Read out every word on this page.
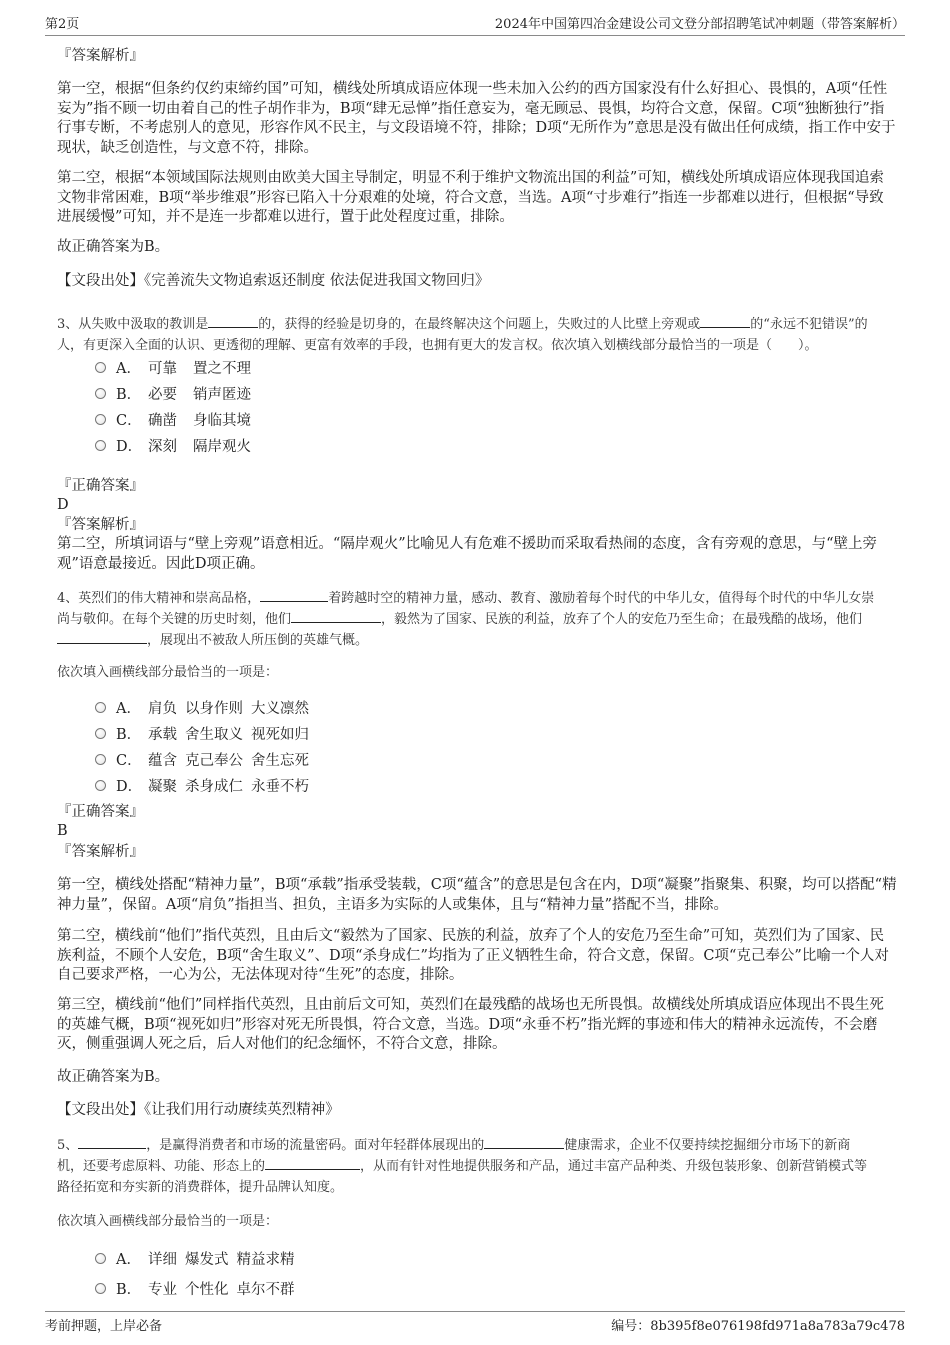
第2页	2024年中国第四冶金建设公司文登分部招聘笔试冲刺题（带答案解析）
『答案解析』
第一空，根据“但条约仅约束缔约国”可知，横线处所填成语应体现一些未加入公约的西方国家没有什么好担心、畏惧的，A项“任性妄为”指不顾一切由着自己的性子胡作非为，B项“肆无忌惮”指任意妄为，毫无顾忌、畏惧，均符合文意，保留。C项“独断独行”指行事专断，不考虑别人的意见，形容作风不民主，与文段语境不符，排除；D项“无所作为”意思是没有做出任何成绩，指工作中安于现状，缺乏创造性，与文意不符，排除。
第二空，根据“本领域国际法规则由欧美大国主导制定，明显不利于维护文物流出国的利益”可知，横线处所填成语应体现我国追索文物非常困难，B项“举步维艰”形容已陷入十分艰难的处境，符合文意，当选。A项“寸步难行”指连一步都难以进行，但根据“导致进展缓慢”可知，并不是连一步都难以进行，置于此处程度过重，排除。
故正确答案为B。
【文段出处】《完善流失文物追索返还制度 依法促进我国文物回归》
3、从失败中汲取的教训是	的，获得的经验是切身的，在最终解决这个问题上，失败过的人比壁上旁观或	的“永远不犯错误”的
人，有更深入全面的认识、更透彻的理解、更富有效率的手段，也拥有更大的发言权。依次填入划横线部分最恰当的一项是（　　）。
A． 可靠 置之不理
B． 必要 销声匿迹
C． 确凿 身临其境
D． 深刻 隔岸观火
『正确答案』
D
『答案解析』
第二空，所填词语与“壁上旁观”语意相近。“隔岸观火”比喻见人有危难不援助而采取看热闹的态度，含有旁观的意思，与“壁上旁观”语意最接近。因此D项正确。
4、英烈们的伟大精神和崇高品格，	着跨越时空的精神力量，感动、教育、激励着每个时代的中华儿女，值得每个时代的中华儿女崇
尚与敬仰。在每个关键的历史时刻，他们	，毅然为了国家、民族的利益，放弃了个人的安危乃至生命；在最残酷的战场，他们
，展现出不被敌人所压倒的英雄气概。
依次填入画横线部分最恰当的一项是：
A． 肩负 以身作则 大义凛然
B． 承载 舍生取义 视死如归
C． 蕴含 克己奉公 舍生忘死
D． 凝聚 杀身成仁 永垂不朽
『正确答案』
B
『答案解析』
第一空，横线处搭配“精神力量”，B项“承载”指承受装载，C项“蕴含”的意思是包含在内，D项“凝聚”指聚集、积聚，均可以搭配“精神力量”，保留。A项“肩负”指担当、担负，主语多为实际的人或集体，且与“精神力量”搭配不当，排除。
第二空，横线前“他们”指代英烈，且由后文“毅然为了国家、民族的利益，放弃了个人的安危乃至生命”可知，英烈们为了国家、民族利益，不顾个人安危，B项“舍生取义”、D项“杀身成仁”均指为了正义牺牲生命，符合文意，保留。C项“克己奉公”比喻一个人对自己要求严格，一心为公，无法体现对待“生死”的态度，排除。
第三空，横线前“他们”同样指代英烈，且由前后文可知，英烈们在最残酷的战场也无所畏惧。故横线处所填成语应体现出不畏生死的英雄气概，B项“视死如归”形容对死无所畏惧，符合文意，当选。D项“永垂不朽”指光辉的事迹和伟大的精神永远流传，不会磨灭，侧重强调人死之后，后人对他们的纪念缅怀，不符合文意，排除。
故正确答案为B。
【文段出处】《让我们用行动赓续英烈精神》
5、	，是赢得消费者和市场的流量密码。面对年轻群体展现出的	健康需求，企业不仅要持续挖掘细分市场下的新商
机，还要考虑原料、功能、形态上的	，从而有针对性地提供服务和产品，通过丰富产品种类、升级包装形象、创新营销模式等
路径拓宽和夯实新的消费群体，提升品牌认知度。
依次填入画横线部分最恰当的一项是：
A． 详细 爆发式 精益求精
B． 专业 个性化 卓尔不群
考前押题，上岸必备	编号：8b395f8e076198fd971a8a783a79c478
